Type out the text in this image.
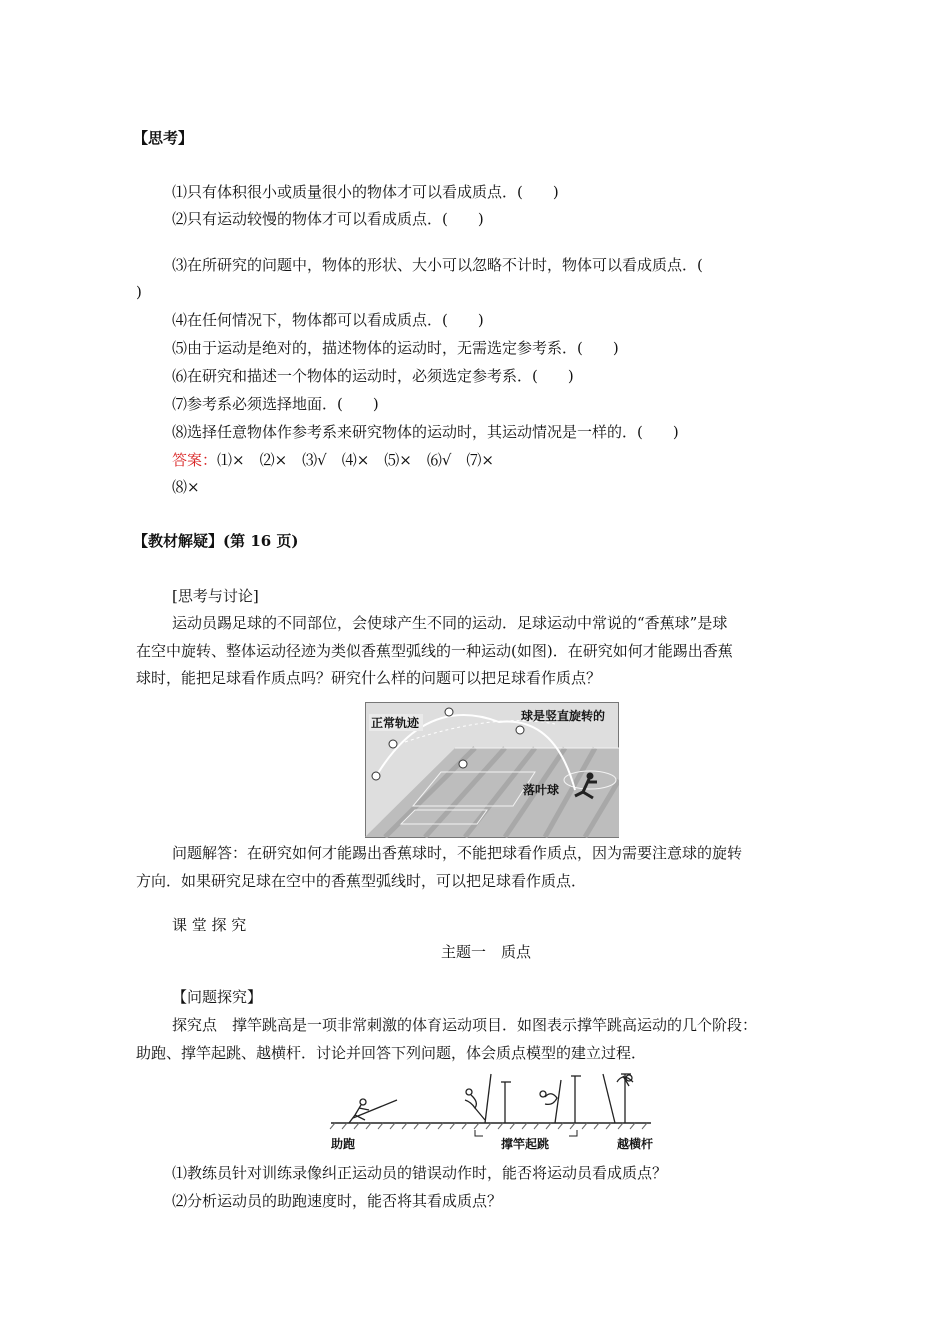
【思考】
⑴只有体积很小或质量很小的物体才可以看成质点．(　　)
⑵只有运动较慢的物体才可以看成质点．(　　)
⑶在所研究的问题中，物体的形状、大小可以忽略不计时，物体可以看成质点．(
)
⑷在任何情况下，物体都可以看成质点．(　　)
⑸由于运动是绝对的，描述物体的运动时，无需选定参考系．(　　)
⑹在研究和描述一个物体的运动时，必须选定参考系．(　　)
⑺参考系必须选择地面．(　　)
⑻选择任意物体作参考系来研究物体的运动时，其运动情况是一样的．(　　)
答案：⑴×　⑵×　⑶√　⑷×　⑸×　⑹√　⑺×
⑻×
【教材解疑】(第 16 页)
[思考与讨论]
运动员踢足球的不同部位，会使球产生不同的运动．足球运动中常说的“香蕉球”是球
在空中旋转、整体运动径迹为类似香蕉型弧线的一种运动(如图)．在研究如何才能踢出香蕉
球时，能把足球看作质点吗？研究什么样的问题可以把足球看作质点？
正常轨迹	球是竖直旋转的
落叶球
问题解答：在研究如何才能踢出香蕉球时，不能把球看作质点，因为需要注意球的旋转
方向．如果研究足球在空中的香蕉型弧线时，可以把足球看作质点．
课 堂 探 究
主题一　质点
【问题探究】
探究点　撑竿跳高是一项非常刺激的体育运动项目．如图表示撑竿跳高运动的几个阶段：
助跑、撑竿起跳、越横杆．讨论并回答下列问题，体会质点模型的建立过程．
助跑	撑竿起跳	越横杆
⑴教练员针对训练录像纠正运动员的错误动作时，能否将运动员看成质点？
⑵分析运动员的助跑速度时，能否将其看成质点？
